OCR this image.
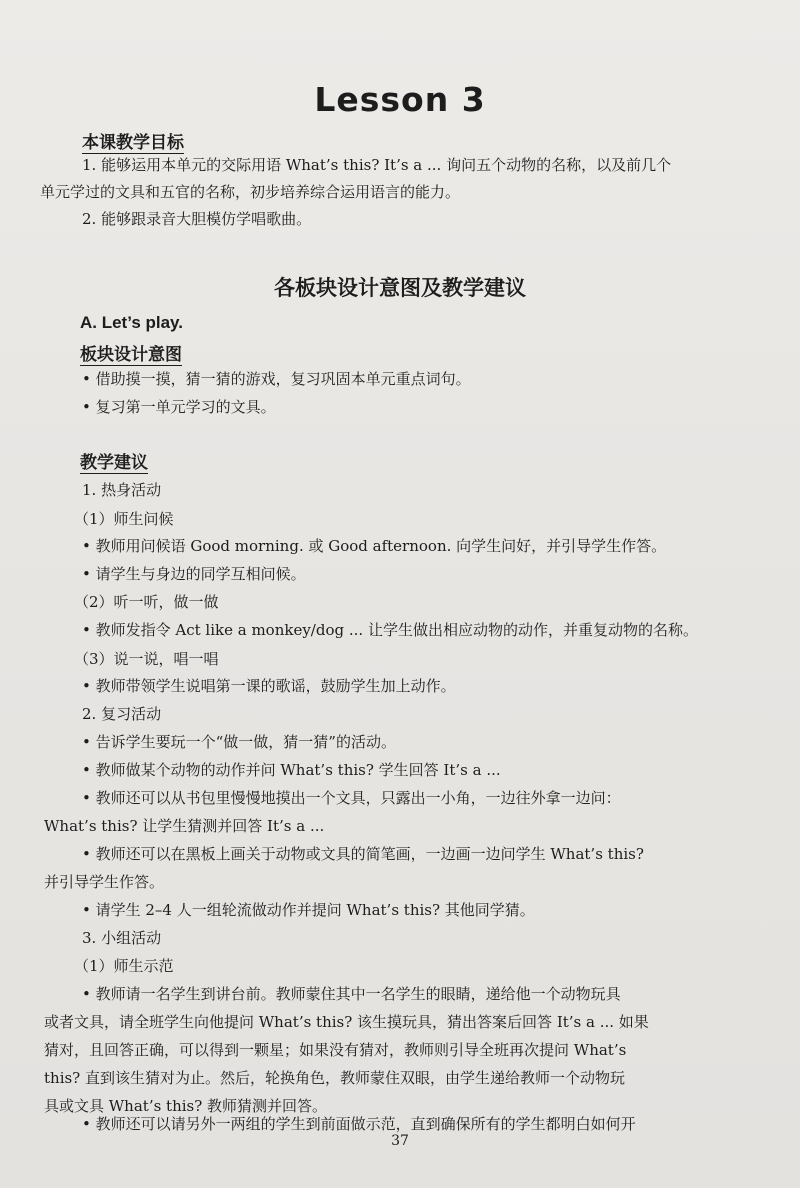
Lesson 3
本课教学目标
1. 能够运用本单元的交际用语 What’s this? It’s a ... 询问五个动物的名称，以及前几个
单元学过的文具和五官的名称，初步培养综合运用语言的能力。
2. 能够跟录音大胆模仿学唱歌曲。
各板块设计意图及教学建议
A. Let’s play.
板块设计意图
• 借助摸一摸，猜一猜的游戏，复习巩固本单元重点词句。
• 复习第一单元学习的文具。
教学建议
1. 热身活动
（1）师生问候
• 教师用问候语 Good morning. 或 Good afternoon. 向学生问好，并引导学生作答。
• 请学生与身边的同学互相问候。
（2）听一听，做一做
• 教师发指令 Act like a monkey/dog ... 让学生做出相应动物的动作，并重复动物的名称。
（3）说一说，唱一唱
• 教师带领学生说唱第一课的歌谣，鼓励学生加上动作。
2. 复习活动
• 告诉学生要玩一个“做一做，猜一猜”的活动。
• 教师做某个动物的动作并问 What’s this? 学生回答 It’s a ...
• 教师还可以从书包里慢慢地摸出一个文具，只露出一小角，一边往外拿一边问：
What’s this? 让学生猜测并回答 It’s a ...
• 教师还可以在黑板上画关于动物或文具的简笔画，一边画一边问学生 What’s this?
并引导学生作答。
• 请学生 2–4 人一组轮流做动作并提问 What’s this? 其他同学猜。
3. 小组活动
（1）师生示范
• 教师请一名学生到讲台前。教师蒙住其中一名学生的眼睛，递给他一个动物玩具
或者文具，请全班学生向他提问 What’s this? 该生摸玩具，猜出答案后回答 It’s a ... 如果
猜对，且回答正确，可以得到一颗星；如果没有猜对，教师则引导全班再次提问 What’s
this? 直到该生猜对为止。然后，轮换角色，教师蒙住双眼，由学生递给教师一个动物玩
具或文具 What’s this? 教师猜测并回答。
• 教师还可以请另外一两组的学生到前面做示范，直到确保所有的学生都明白如何开
37
